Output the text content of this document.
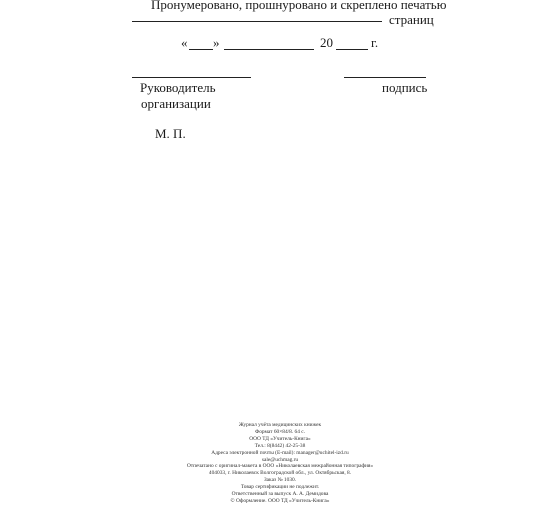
Пронумеровано, прошнуровано и скреплено печатью
страниц
« »	20	г.
Руководитель
организации
подпись
М. П.
Журнал учёта медицинских книжек
Формат 60×84/8. 64 с.
ООО ТД «Учитель-Книга»
Тел.: 8(8442) 42-25-38
Адреса электронной почты (E-mail): manager@uchitel-izd.ru
sale@uchmag.ru
Отпечатано с оригинал-макета в ООО «Николаевская межрайонная типография»
404033, г. Николаевск Волгоградской обл., ул. Октябрьская, 8.
Заказ № 1030.
Товар сертификации не подлежит.
Ответственный за выпуск А. А. Демидова
© Оформление. ООО ТД «Учитель-Книга»
